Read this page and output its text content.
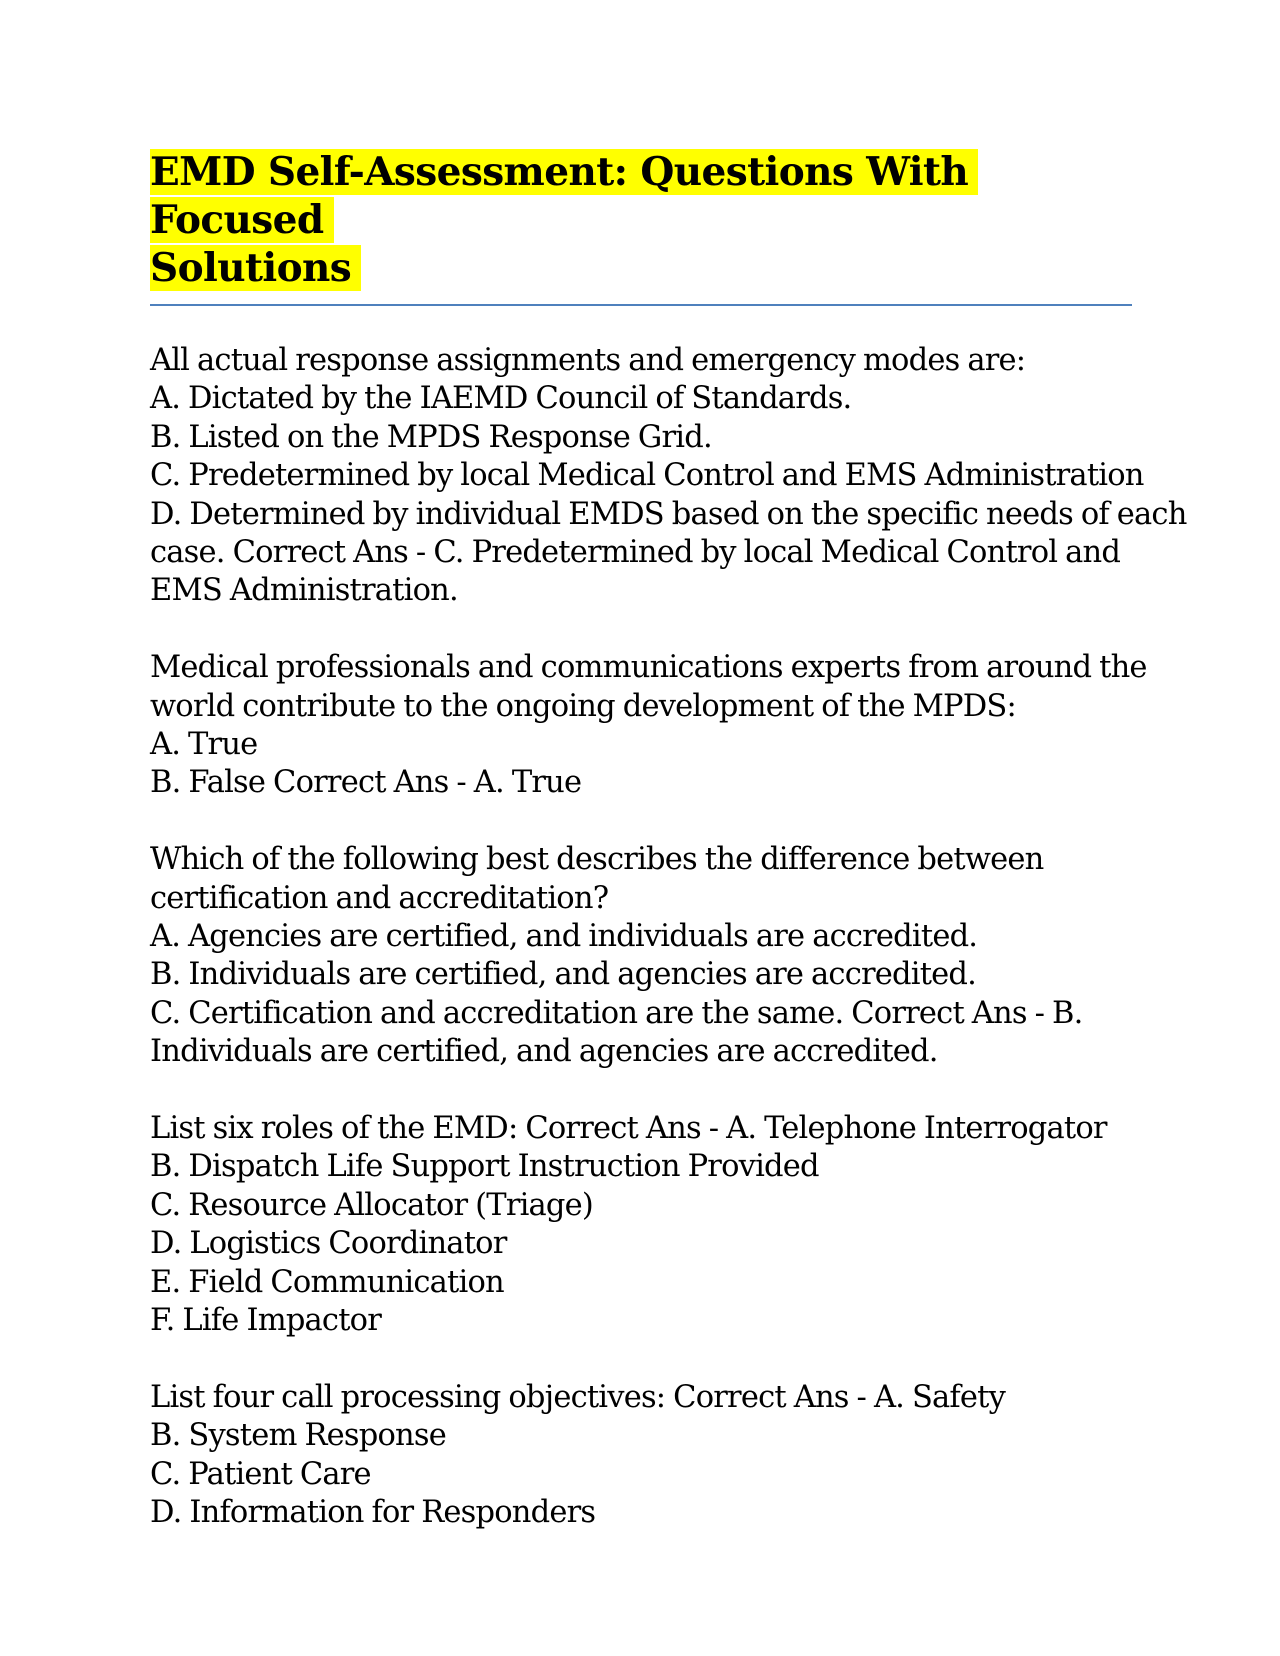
EMD Self-Assessment: Questions With Focused
Solutions
All actual response assignments and emergency modes are:
A. Dictated by the IAEMD Council of Standards.
B. Listed on the MPDS Response Grid.
C. Predetermined by local Medical Control and EMS Administration
D. Determined by individual EMDS based on the specific needs of each
case. Correct Ans - C. Predetermined by local Medical Control and
EMS Administration.
Medical professionals and communications experts from around the
world contribute to the ongoing development of the MPDS:
A. True
B. False Correct Ans - A. True
Which of the following best describes the difference between
certification and accreditation?
A. Agencies are certified, and individuals are accredited.
B. Individuals are certified, and agencies are accredited.
C. Certification and accreditation are the same. Correct Ans - B.
Individuals are certified, and agencies are accredited.
List six roles of the EMD: Correct Ans - A. Telephone Interrogator
B. Dispatch Life Support Instruction Provided
C. Resource Allocator (Triage)
D. Logistics Coordinator
E. Field Communication
F. Life Impactor
List four call processing objectives: Correct Ans - A. Safety
B. System Response
C. Patient Care
D. Information for Responders
